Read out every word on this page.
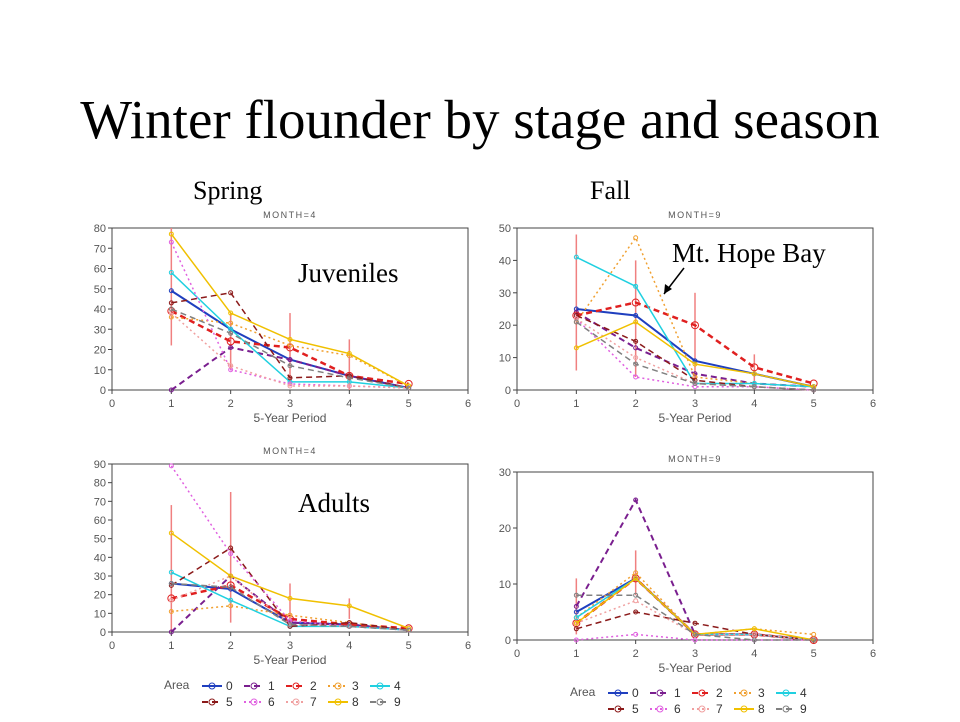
Winter flounder by stage and season
Spring	Fall
MONTH=4
0
10
20
30
40
50
60
70
80
0	1	2	3	4	5	6
5-Year Period
MONTH=9
0
10
20
30
40
50
0	1	2	3	4	5	6
5-Year Period
MONTH=4
0
10
20
30
40
50
60
70
80
90
0	1	2	3	4	5	6
5-Year Period
MONTH=9
0
10
20
30
0	1	2	3	4	5	6
5-Year Period
Juveniles
Adults
Mt. Hope Bay
Area	0	1	2	3	4
5	6	7	8	9
Area	0	1	2	3	4
5	6	7	8	9
